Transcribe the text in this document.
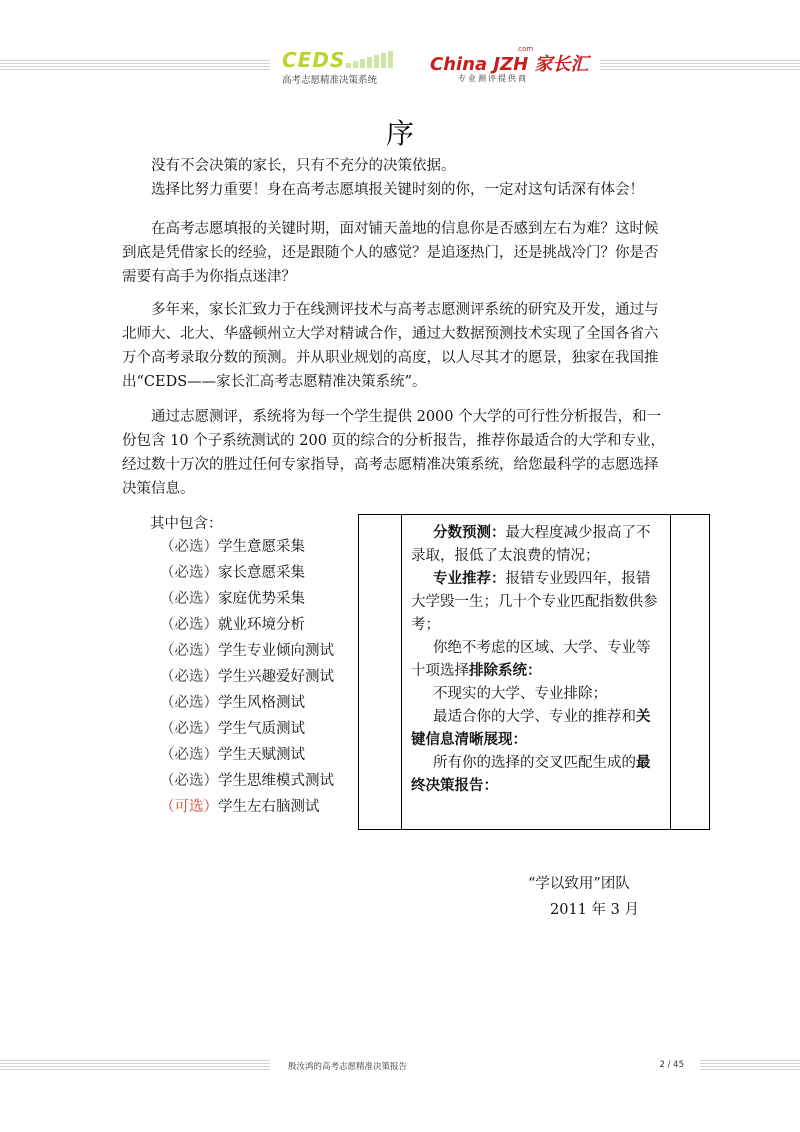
CEDS
高考志愿精准决策系统
China JZH 家长汇
.com
专业测评提供商
序

没有不会决策的家长，只有不充分的决策依据。

选择比努力重要！身在高考志愿填报关键时刻的你，一定对这句话深有体会！

在高考志愿填报的关键时期，面对铺天盖地的信息你是否感到左右为难？这时候到底是凭借家长的经验，还是跟随个人的感觉？是追逐热门，还是挑战冷门？你是否需要有高手为你指点迷津？

多年来，家长汇致力于在线测评技术与高考志愿测评系统的研究及开发，通过与北师大、北大、华盛顿州立大学对精诚合作，通过大数据预测技术实现了全国各省六万个高考录取分数的预测。并从职业规划的高度，以人尽其才的愿景，独家在我国推出“CEDS——家长汇高考志愿精准决策系统”。

通过志愿测评，系统将为每一个学生提供 2000 个大学的可行性分析报告，和一份包含 10 个子系统测试的 200 页的综合的分析报告，推荐你最适合的大学和专业，经过数十万次的胜过任何专家指导，高考志愿精准决策系统，给您最科学的志愿选择决策信息。

其中包含：
（必选）学生意愿采集
（必选）家长意愿采集
（必选）家庭优势采集
（必选）就业环境分析
（必选）学生专业倾向测试
（必选）学生兴趣爱好测试
（必选）学生风格测试
（必选）学生气质测试
（必选）学生天赋测试
（必选）学生思维模式测试
（可选）学生左右脑测试

分数预测：最大程度减少报高了不录取，报低了太浪费的情况；

专业推荐：报错专业毁四年，报错大学毁一生；几十个专业匹配指数供参考；

你绝不考虑的区域、大学、专业等十项选择排除系统：

不现实的大学、专业排除；

最适合你的大学、专业的推荐和关键信息清晰展现：

所有你的选择的交叉匹配生成的最终决策报告：

“学以致用”团队
2011 年 3 月
殷汝鸿的高考志愿精准决策报告	2 / 45
